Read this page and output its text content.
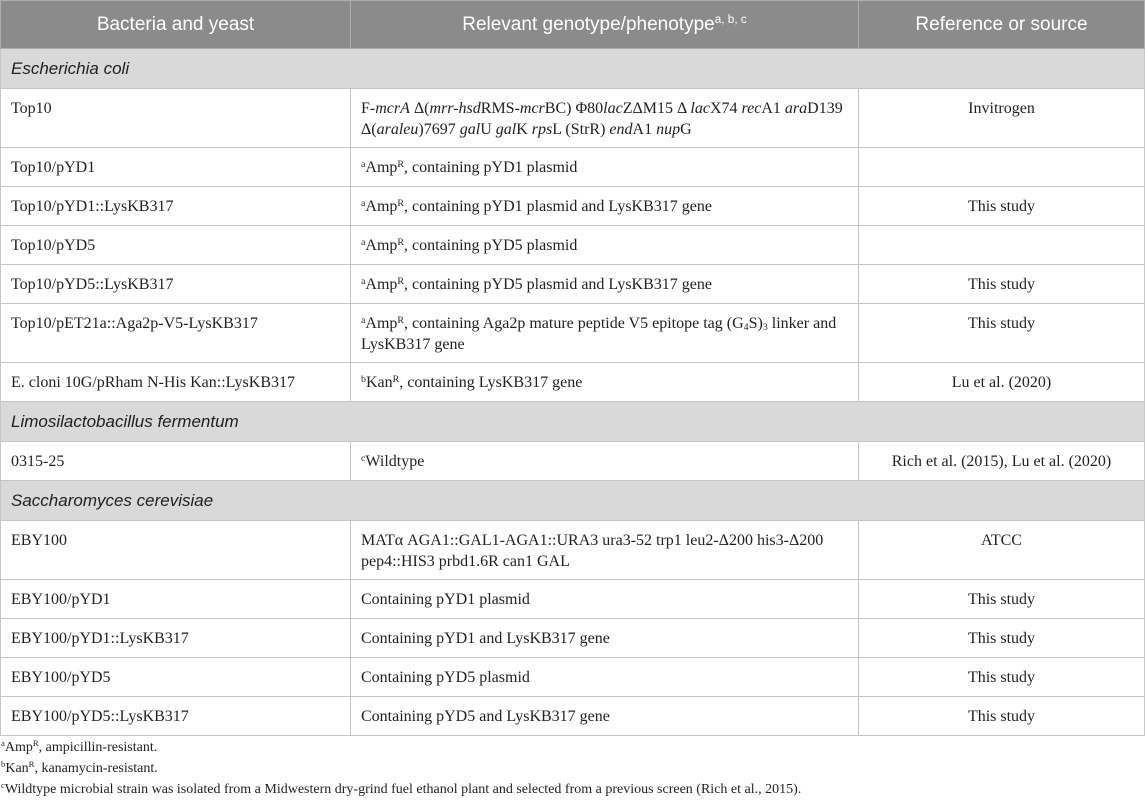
Bacteria and yeast	Relevant genotype/phenotype$^{a, b, c}$	Reference or source
Escherichia coli		
Top10	F-mcrA Δ(mrr-hsdRMS-mcrBC) Φ80lacZΔM15 Δ lacX74 recA1 araD139 Δ(araleu)7697 galU galK rpsL (StrR) endA1 nupG	Invitrogen
Top10/pYD1	$^a$Amp$^R$, containing pYD1 plasmid	
Top10/pYD1::LysKB317	$^a$Amp$^R$, containing pYD1 plasmid and LysKB317 gene	This study
Top10/pYD5	$^a$Amp$^R$, containing pYD5 plasmid	
Top10/pYD5::LysKB317	$^a$Amp$^R$, containing pYD5 plasmid and LysKB317 gene	This study
Top10/pET21a::Aga2p-V5-LysKB317	$^a$Amp$^R$, containing Aga2p mature peptide V5 epitope tag $(G_4S)_3$ linker and LysKB317 gene	This study
E. cloni 10G/pRham N-His Kan::LysKB317	$^b$Kan$^R$, containing LysKB317 gene	Lu et al. (2020)
Limosilactobacillus fermentum		
0315-25	$^c$Wildtype	Rich et al. (2015), Lu et al. (2020)
Saccharomyces cerevisiae		
EBY100	MATα AGA1::GAL1-AGA1::URA3 ura3-52 trp1 leu2-Δ200 his3-Δ200 pep4::HIS3 prbd1.6R can1 GAL	ATCC
EBY100/pYD1	Containing pYD1 plasmid	This study
EBY100/pYD1::LysKB317	Containing pYD1 and LysKB317 gene	This study
EBY100/pYD5	Containing pYD5 plasmid	This study
EBY100/pYD5::LysKB317	Containing pYD5 and LysKB317 gene	This study

$^a$Amp$^R$, ampicillin-resistant.

$^b$Kan$^R$, kanamycin-resistant.

$^c$Wildtype microbial strain was isolated from a Midwestern dry-grind fuel ethanol plant and selected from a previous screen (Rich et al., 2015).
